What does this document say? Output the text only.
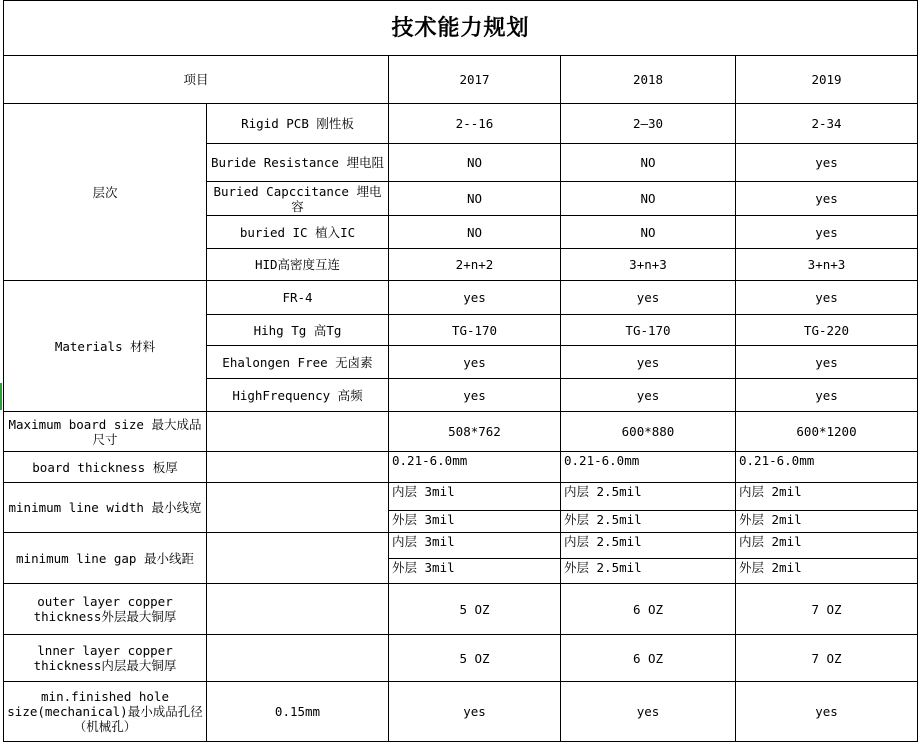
技术能力规划				
项目		2017	2018	2019
层次	Rigid PCB 刚性板	2--16	2—30	2-34
	Buride Resistance 埋电阻	NO	NO	yes
	Buried Capccitance 埋电容	NO	NO	yes
	buried IC 植入IC	NO	NO	yes
	HID高密度互连	2+n+2	3+n+3	3+n+3
Materials 材料	FR-4	yes	yes	yes
	Hihg Tg 高Tg	TG-170	TG-170	TG-220
	Ehalongen Free 无卤素	yes	yes	yes
	HighFrequency 高频	yes	yes	yes
Maximum board size 最大成品尺寸		508*762	600*880	600*1200
board thickness 板厚		0.21-6.0mm	0.21-6.0mm	0.21-6.0mm
minimum line width 最小线宽		内层 3mil	内层 2.5mil	内层 2mil
		外层 3mil	外层 2.5mil	外层 2mil
minimum line gap 最小线距		内层 3mil	内层 2.5mil	内层 2mil
		外层 3mil	外层 2.5mil	外层 2mil
outer layer copper thickness外层最大铜厚		5 OZ	6 OZ	7 OZ
lnner layer copper thickness内层最大铜厚		5 OZ	6 OZ	7 OZ
min.finished hole size(mechanical)最小成品孔径（机械孔）	0.15mm	yes	yes	yes
